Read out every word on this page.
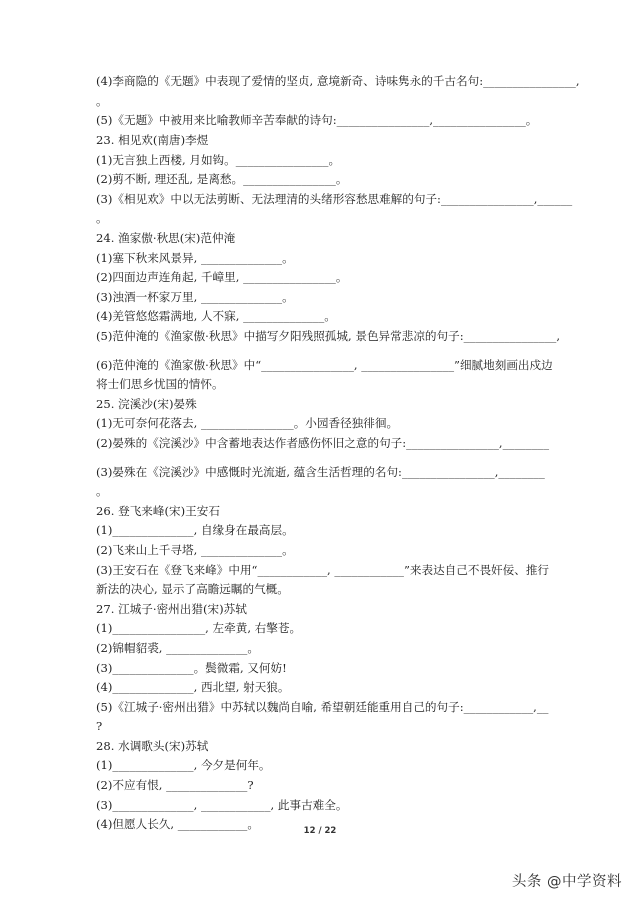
(4)李商隐的《无题》中表现了爱情的坚贞, 意境新奇、诗味隽永的千古名句:________________,

。

(5)《无题》中被用来比喻教师辛苦奉献的诗句:________________,________________。

23. 相见欢(南唐)李煜

(1)无言独上西楼, 月如钩。________________。

(2)剪不断, 理还乱, 是离愁。________________。

(3)《相见欢》中以无法剪断、无法理清的头绪形容愁思难解的句子:________________,______

。

24. 渔家傲·秋思(宋)范仲淹

(1)塞下秋来风景异, ______________。

(2)四面边声连角起, 千嶂里, ________________。

(3)浊酒一杯家万里, ______________。

(4)羌管悠悠霜满地, 人不寐, ______________。

(5)范仲淹的《渔家傲·秋思》中描写夕阳残照孤城, 景色异常悲凉的句子:________________,

(6)范仲淹的《渔家傲·秋思》中“________________, ________________”细腻地刻画出戍边

将士们思乡忧国的情怀。

25. 浣溪沙(宋)晏殊

(1)无可奈何花落去, ________________。小园香径独徘徊。

(2)晏殊的《浣溪沙》中含蓄地表达作者感伤怀旧之意的句子:________________,________

(3)晏殊在《浣溪沙》中感慨时光流逝, 蕴含生活哲理的名句:________________,________

。

26. 登飞来峰(宋)王安石

(1)______________, 自缘身在最高层。

(2)飞来山上千寻塔, ______________。

(3)王安石在《登飞来峰》中用“____________, ____________”来表达自己不畏奸佞、推行

新法的决心, 显示了高瞻远瞩的气概。

27. 江城子·密州出猎(宋)苏轼

(1)________________, 左牵黄, 右擎苍。

(2)锦帽貂裘, ______________。

(3)______________。鬓微霜, 又何妨!

(4)______________, 西北望, 射天狼。

(5)《江城子·密州出猎》中苏轼以魏尚自喻, 希望朝廷能重用自己的句子:____________,__

?

28. 水调歌头(宋)苏轼

(1)______________, 今夕是何年。

(2)不应有恨, ______________?

(3)______________, ____________, 此事古难全。

(4)但愿人长久, ____________。	12 / 22
头条 @中学资料
